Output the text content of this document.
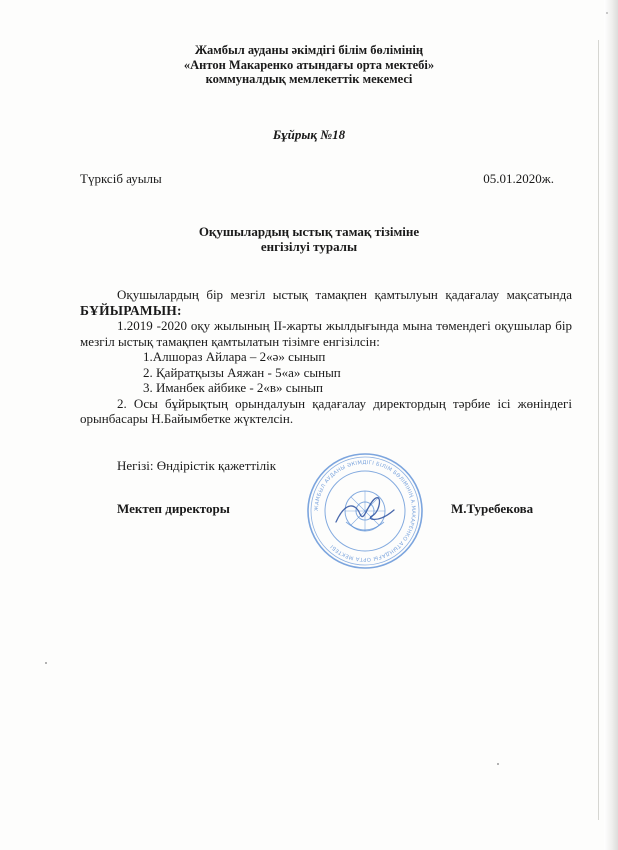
Жамбыл ауданы әкімдігі білім бөлімінің
«Антон Макаренко атындағы орта мектебі»
коммуналдық мемлекеттік мекемесі
Бұйрық №18
Түрксіб ауылы	05.01.2020ж.
Оқушылардың ыстық тамақ тізіміне
енгізілуі туралы

Оқушылардың бір мезгіл ыстық тамақпен қамтылуын қадағалау мақсатында БҰЙЫРАМЫН:

1.2019 -2020 оқу жылының ІІ-жарты жылдығында мына төмендегі оқушылар бір мезгіл ыстық тамақпен қамтылатын тізімге енгізілсін:

1.Алшораз Айлара – 2«ә» сынып
2. Қайратқызы Аяжан - 5«а» сынып
3. Иманбек айбике - 2«в» сынып

2. Осы бұйрықтың орындалуын қадағалау директордың тәрбие ісі жөніндегі орынбасары Н.Байымбетке жүктелсін.

Негізі: Өндірістік қажеттілік
Мектеп директоры	М.Туребекова
ЖАМБЫЛ АУДАНЫ ӘКІМДІГІ БІЛІМ БӨЛІМІНІҢ А.МАКАРЕНКО АТЫНДАҒЫ ОРТА МЕКТЕБІ
